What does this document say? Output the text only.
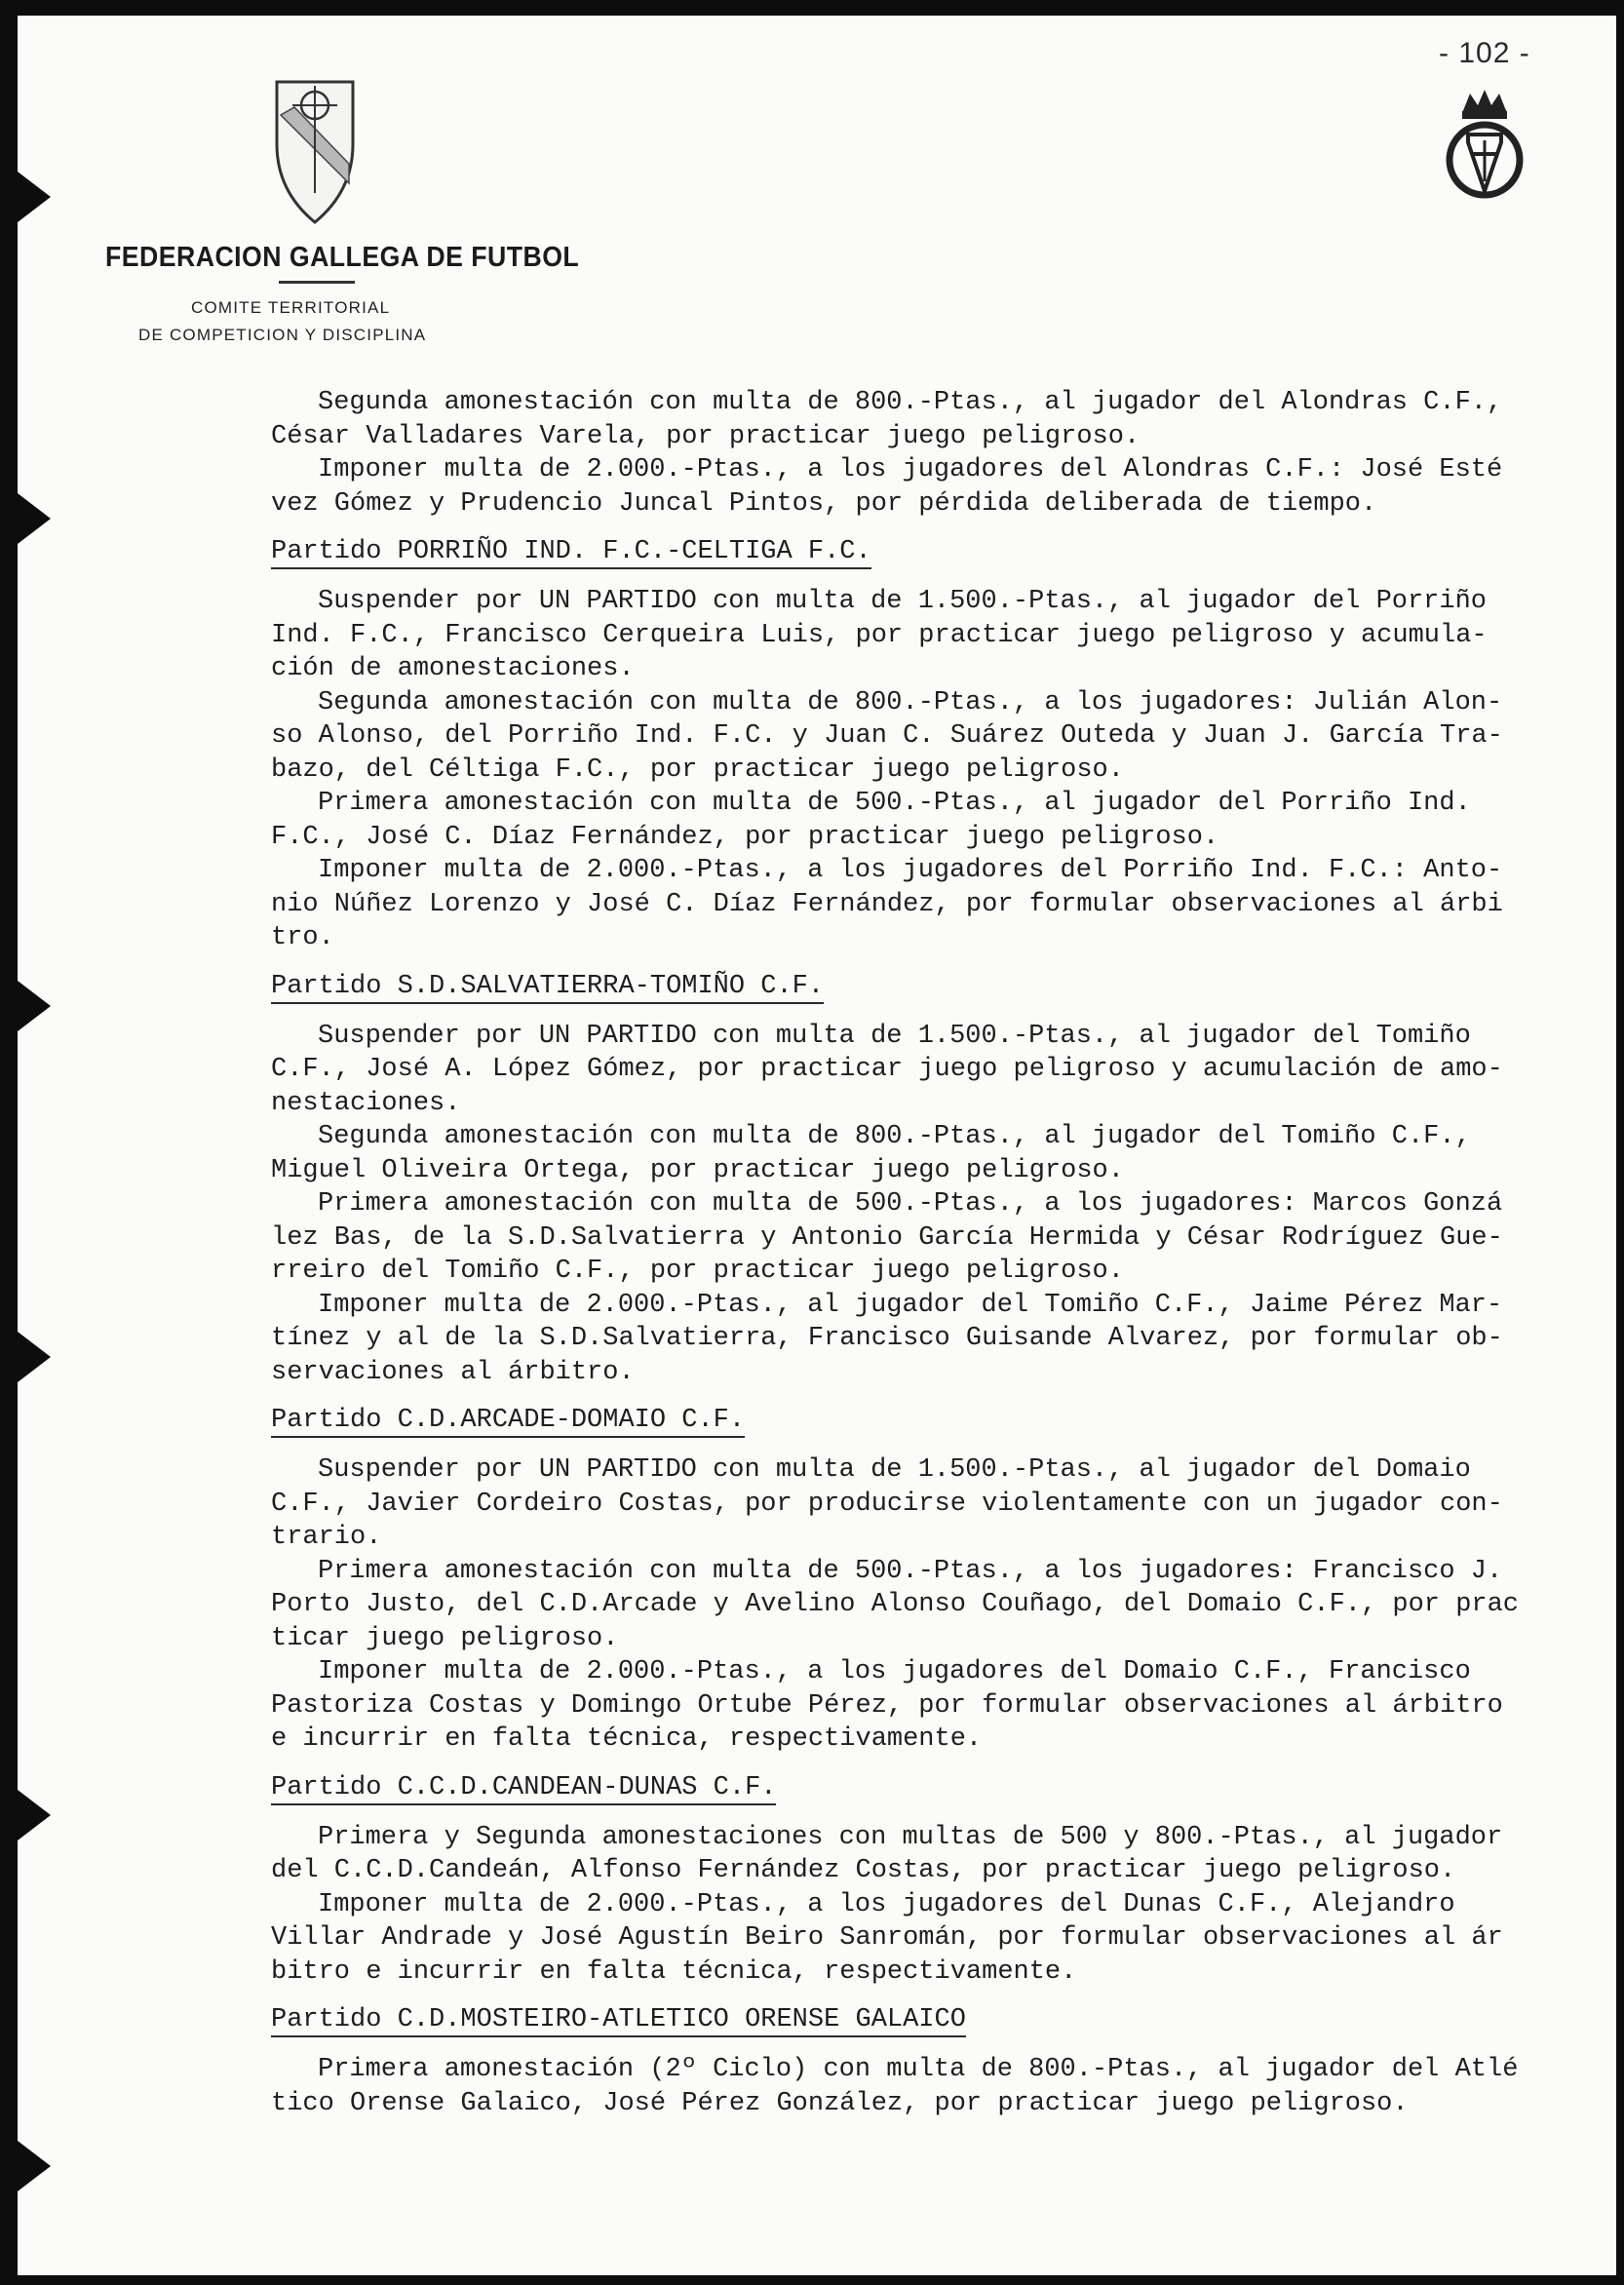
- 102 -
FEDERACION GALLEGA DE FUTBOL
COMITE TERRITORIAL
DE COMPETICION Y DISCIPLINA
Segunda amonestación con multa de 800.-Ptas., al jugador del Alondras C.F.,
César Valladares Varela, por practicar juego peligroso.
Imponer multa de 2.000.-Ptas., a los jugadores del Alondras C.F.: José Esté
vez Gómez y Prudencio Juncal Pintos, por pérdida deliberada de tiempo.
Partido PORRIÑO IND. F.C.-CELTIGA F.C.
Suspender por UN PARTIDO con multa de 1.500.-Ptas., al jugador del Porriño
Ind. F.C., Francisco Cerqueira Luis, por practicar juego peligroso y acumula-
ción de amonestaciones.
Segunda amonestación con multa de 800.-Ptas., a los jugadores: Julián Alon-
so Alonso, del Porriño Ind. F.C. y Juan C. Suárez Outeda y Juan J. García Tra-
bazo, del Céltiga F.C., por practicar juego peligroso.
Primera amonestación con multa de 500.-Ptas., al jugador del Porriño Ind.
F.C., José C. Díaz Fernández, por practicar juego peligroso.
Imponer multa de 2.000.-Ptas., a los jugadores del Porriño Ind. F.C.: Anto-
nio Núñez Lorenzo y José C. Díaz Fernández, por formular observaciones al árbi
tro.
Partido S.D.SALVATIERRA-TOMIÑO C.F.
Suspender por UN PARTIDO con multa de 1.500.-Ptas., al jugador del Tomiño
C.F., José A. López Gómez, por practicar juego peligroso y acumulación de amo-
nestaciones.
Segunda amonestación con multa de 800.-Ptas., al jugador del Tomiño C.F.,
Miguel Oliveira Ortega, por practicar juego peligroso.
Primera amonestación con multa de 500.-Ptas., a los jugadores: Marcos Gonzá
lez Bas, de la S.D.Salvatierra y Antonio García Hermida y César Rodríguez Gue-
rreiro del Tomiño C.F., por practicar juego peligroso.
Imponer multa de 2.000.-Ptas., al jugador del Tomiño C.F., Jaime Pérez Mar-
tínez y al de la S.D.Salvatierra, Francisco Guisande Alvarez, por formular ob-
servaciones al árbitro.
Partido C.D.ARCADE-DOMAIO C.F.
Suspender por UN PARTIDO con multa de 1.500.-Ptas., al jugador del Domaio
C.F., Javier Cordeiro Costas, por producirse violentamente con un jugador con-
trario.
Primera amonestación con multa de 500.-Ptas., a los jugadores: Francisco J.
Porto Justo, del C.D.Arcade y Avelino Alonso Couñago, del Domaio C.F., por prac
ticar juego peligroso.
Imponer multa de 2.000.-Ptas., a los jugadores del Domaio C.F., Francisco
Pastoriza Costas y Domingo Ortube Pérez, por formular observaciones al árbitro
e incurrir en falta técnica, respectivamente.
Partido C.C.D.CANDEAN-DUNAS C.F.
Primera y Segunda amonestaciones con multas de 500 y 800.-Ptas., al jugador
del C.C.D.Candeán, Alfonso Fernández Costas, por practicar juego peligroso.
Imponer multa de 2.000.-Ptas., a los jugadores del Dunas C.F., Alejandro
Villar Andrade y José Agustín Beiro Sanromán, por formular observaciones al ár
bitro e incurrir en falta técnica, respectivamente.
Partido C.D.MOSTEIRO-ATLETICO ORENSE GALAICO
Primera amonestación (2º Ciclo) con multa de 800.-Ptas., al jugador del Atlé
tico Orense Galaico, José Pérez González, por practicar juego peligroso.
